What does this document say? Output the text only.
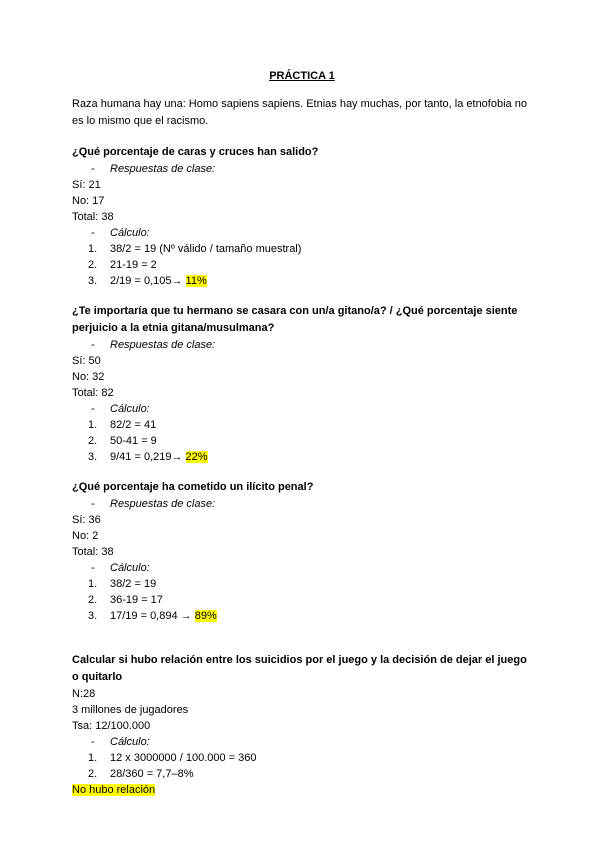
PRÁCTICA 1

Raza humana hay una: Homo sapiens sapiens. Etnias hay muchas, por tanto, la etnofobia no es lo mismo que el racismo.

¿Qué porcentaje de caras y cruces han salido?

- Respuestas de clase:

Sí: 21

No: 17

Total: 38

- Cálculo:

1. 38/2 = 19 (Nº válido / tamaño muestral)
2. 21-19 = 2
3. 2/19 = 0,105→ 11%

¿Te importaría que tu hermano se casara con un/a gitano/a? / ¿Qué porcentaje siente perjuicio a la etnia gitana/musulmana?

- Respuestas de clase:

Sí: 50

No: 32

Total: 82

- Cálculo:

1. 82/2 = 41
2. 50-41 = 9
3. 9/41 = 0,219→ 22%

¿Qué porcentaje ha cometido un ilícito penal?

- Respuestas de clase:

Sí: 36

No: 2

Total: 38

- Cálculo:

1. 38/2 = 19
2. 36-19 = 17
3. 17/19 = 0,894 → 89%

Calcular si hubo relación entre los suicidios por el juego y la decisión de dejar el juego o quitarlo

N:28

3 millones de jugadores

Tsa: 12/100.000

- Cálculo:

1. 12 x 3000000 / 100.000 = 360
2. 28/360 = 7,7–8%

No hubo relación
